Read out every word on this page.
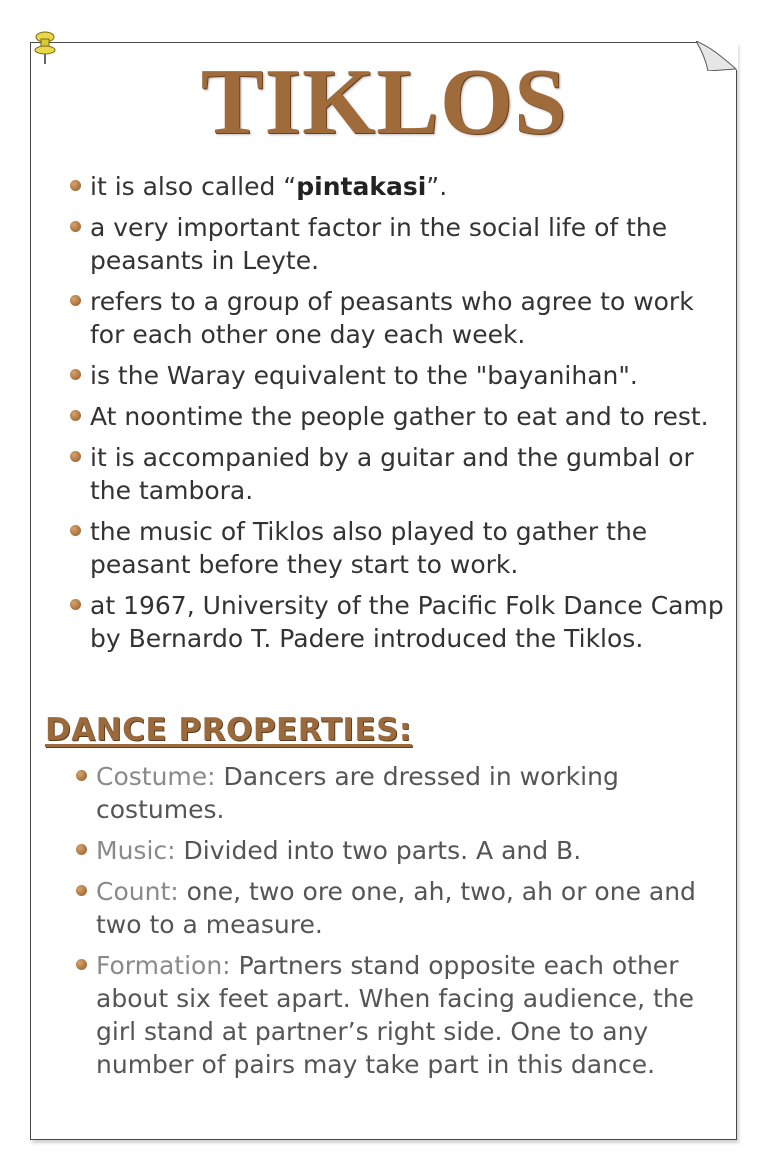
TIKLOS
it is also called “pintakasi”.
a very important factor in the social life of the peasants in Leyte.
refers to a group of peasants who agree to work for each other one day each week.
is the Waray equivalent to the "bayanihan".
At noontime the people gather to eat and to rest.
it is accompanied by a guitar and the gumbal or the tambora.
the music of Tiklos also played to gather the peasant before they start to work.
at 1967, University of the Pacific Folk Dance Camp by Bernardo T. Padere introduced the Tiklos.
DANCE PROPERTIES:
Costume: Dancers are dressed in working costumes.
Music: Divided into two parts. A and B.
Count: one, two ore one, ah, two, ah or one and two to a measure.
Formation: Partners stand opposite each other about six feet apart. When facing audience, the girl stand at partner’s right side. One to any number of pairs may take part in this dance.
